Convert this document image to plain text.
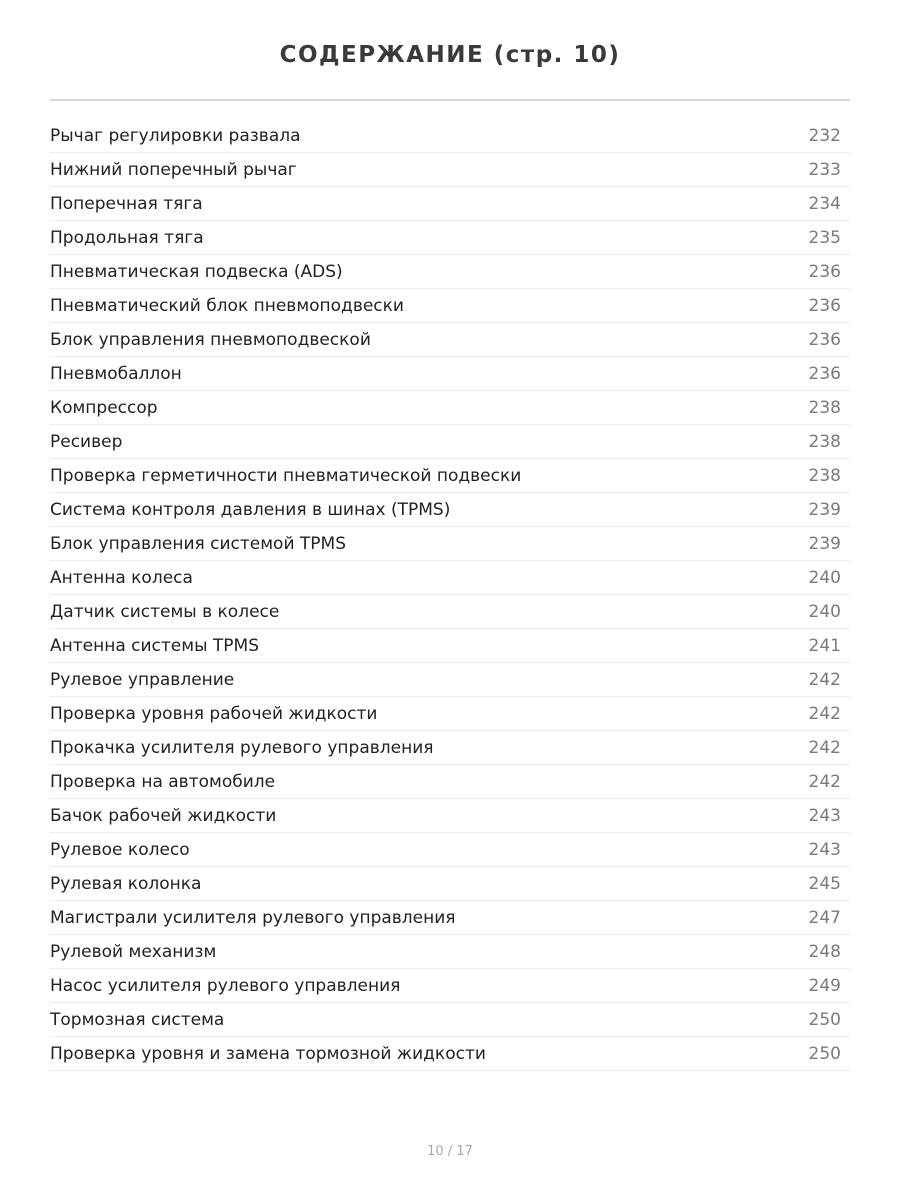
СОДЕРЖАНИЕ (стр. 10)
Рычаг регулировки развала	232
Нижний поперечный рычаг	233
Поперечная тяга	234
Продольная тяга	235
Пневматическая подвеска (ADS)	236
Пневматический блок пневмоподвески	236
Блок управления пневмоподвеской	236
Пневмобаллон	236
Компрессор	238
Ресивер	238
Проверка герметичности пневматической подвески	238
Система контроля давления в шинах (TPMS)	239
Блок управления системой TPMS	239
Антенна колеса	240
Датчик системы в колесе	240
Антенна системы TPMS	241
Рулевое управление	242
Проверка уровня рабочей жидкости	242
Прокачка усилителя рулевого управления	242
Проверка на автомобиле	242
Бачок рабочей жидкости	243
Рулевое колесо	243
Рулевая колонка	245
Магистрали усилителя рулевого управления	247
Рулевой механизм	248
Насос усилителя рулевого управления	249
Тормозная система	250
Проверка уровня и замена тормозной жидкости	250
10 / 17
